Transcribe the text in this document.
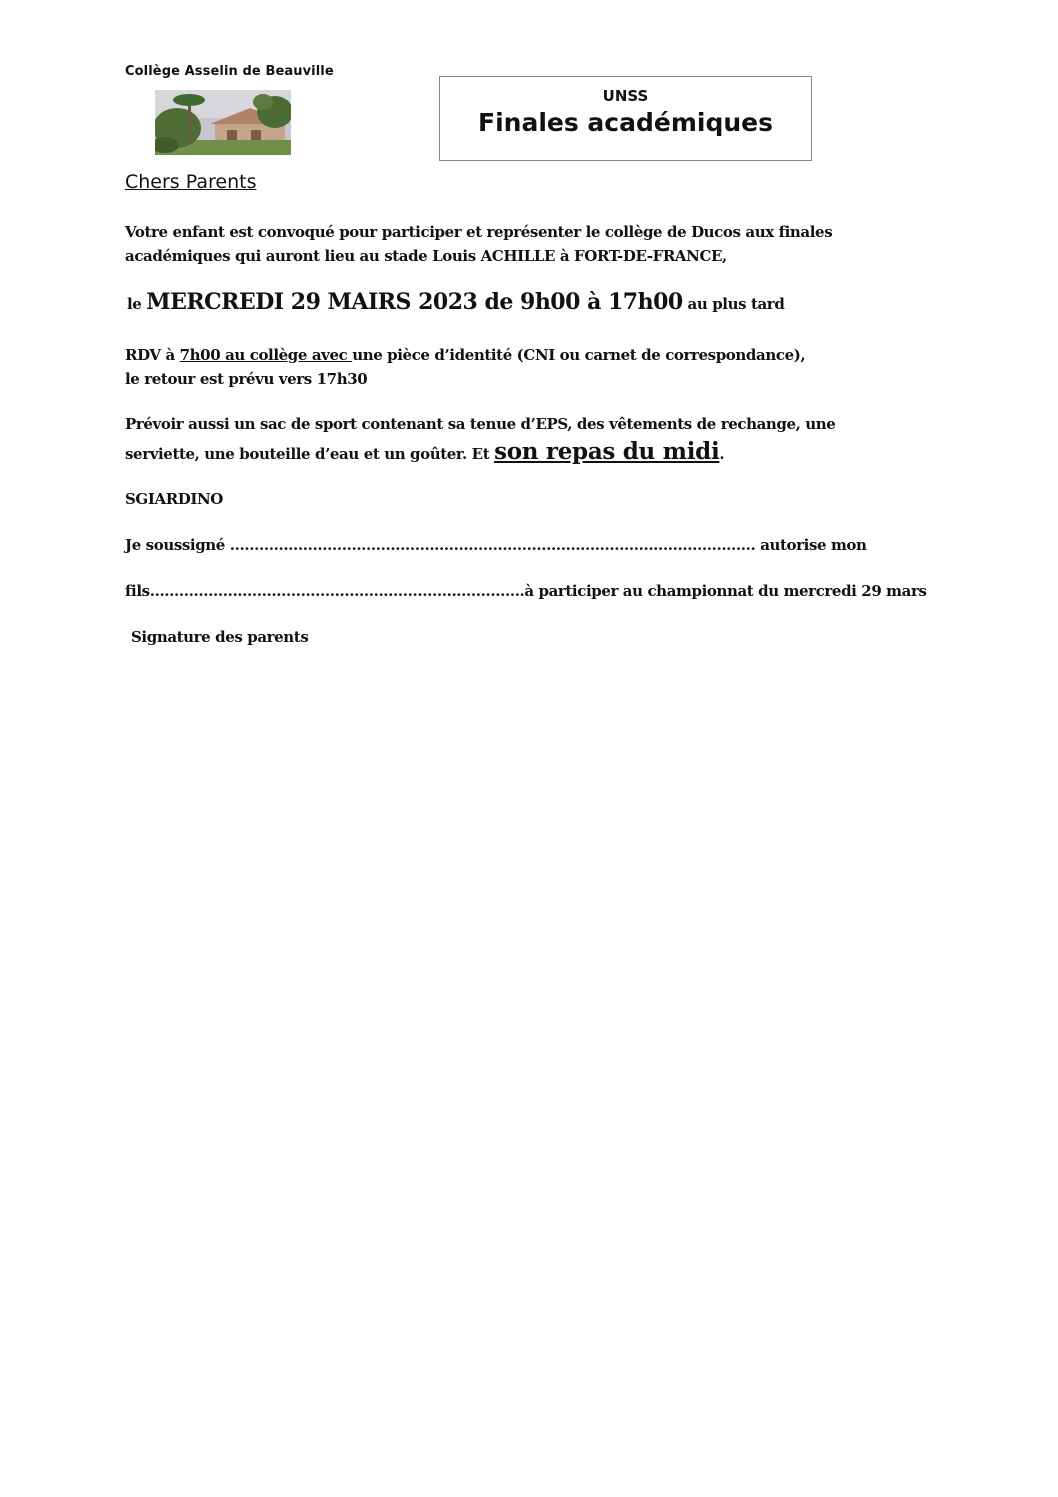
Collège Asselin de Beauville
UNSS
Finales académiques
Chers Parents
Votre enfant est convoqué pour participer et représenter le collège de Ducos aux finales
académiques qui auront lieu au stade Louis ACHILLE à FORT-DE-FRANCE,
le MERCREDI 29 MAIRS 2023 de 9h00 à 17h00 au plus tard
RDV à 7h00 au collège avec une pièce d’identité (CNI ou carnet de correspondance),
le retour est prévu vers 17h30
Prévoir aussi un sac de sport contenant sa tenue d’EPS, des vêtements de rechange, une
serviette, une bouteille d’eau et un goûter. Et son repas du midi.
SGIARDINO
Je soussigné ……………………………………………………………………………………………… autorise mon
fils…………………………………………………………………..à participer au championnat du mercredi 29 mars
Signature des parents
